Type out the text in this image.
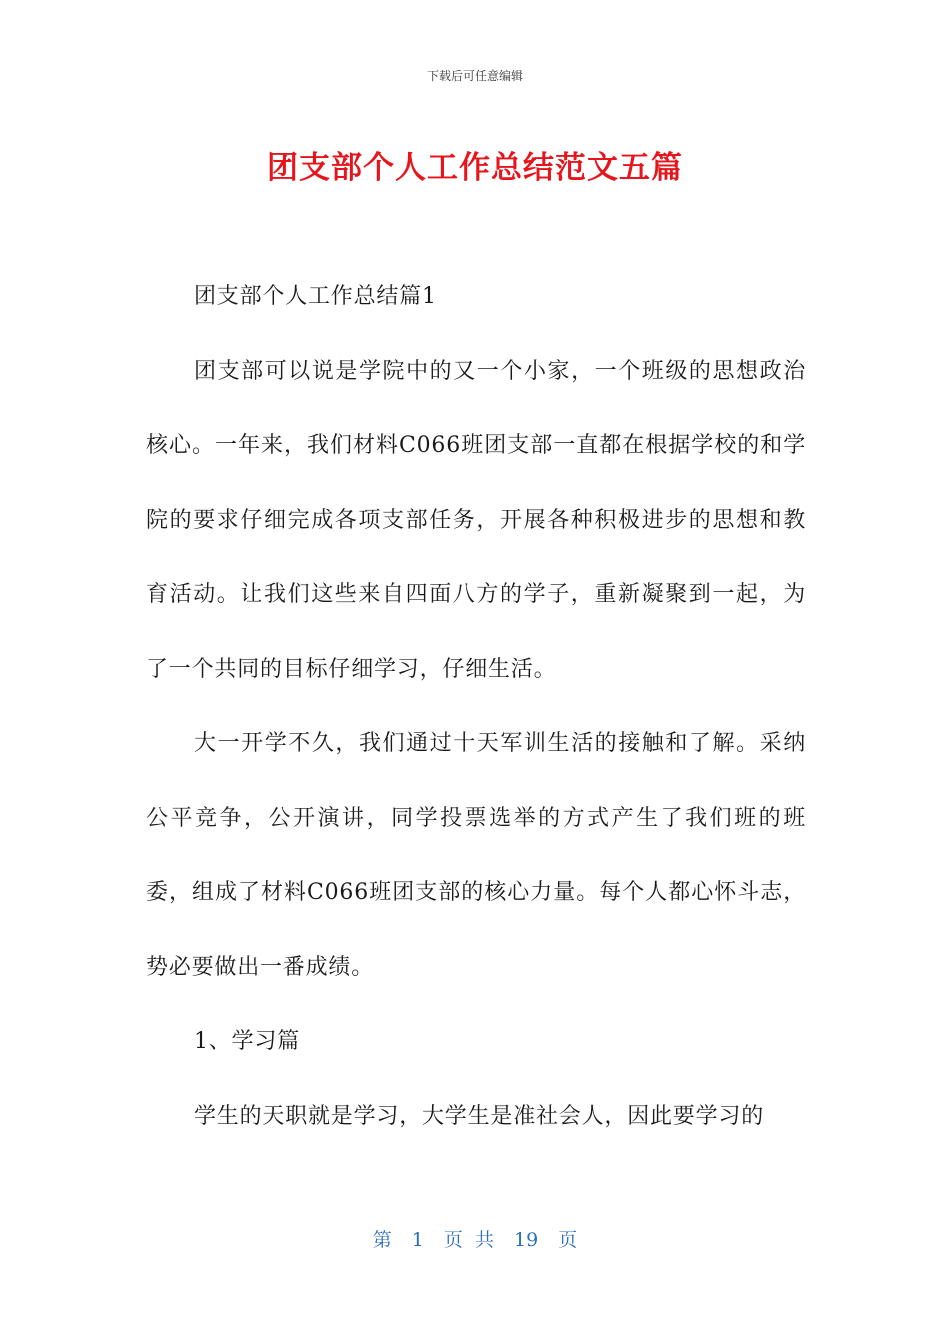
下载后可任意编辑
团支部个人工作总结范文五篇

团支部个人工作总结篇1

团支部可以说是学院中的又一个小家，一个班级的思想政治核心。一年来，我们材料C066班团支部一直都在根据学校的和学院的要求仔细完成各项支部任务，开展各种积极进步的思想和教育活动。让我们这些来自四面八方的学子，重新凝聚到一起，为了一个共同的目标仔细学习，仔细生活。

大一开学不久，我们通过十天军训生活的接触和了解。采纳公平竞争，公开演讲，同学投票选举的方式产生了我们班的班委，组成了材料C066班团支部的核心力量。每个人都心怀斗志，势必要做出一番成绩。

1、学习篇

学生的天职就是学习，大学生是准社会人，因此要学习的

第 1 页 共 19 页
